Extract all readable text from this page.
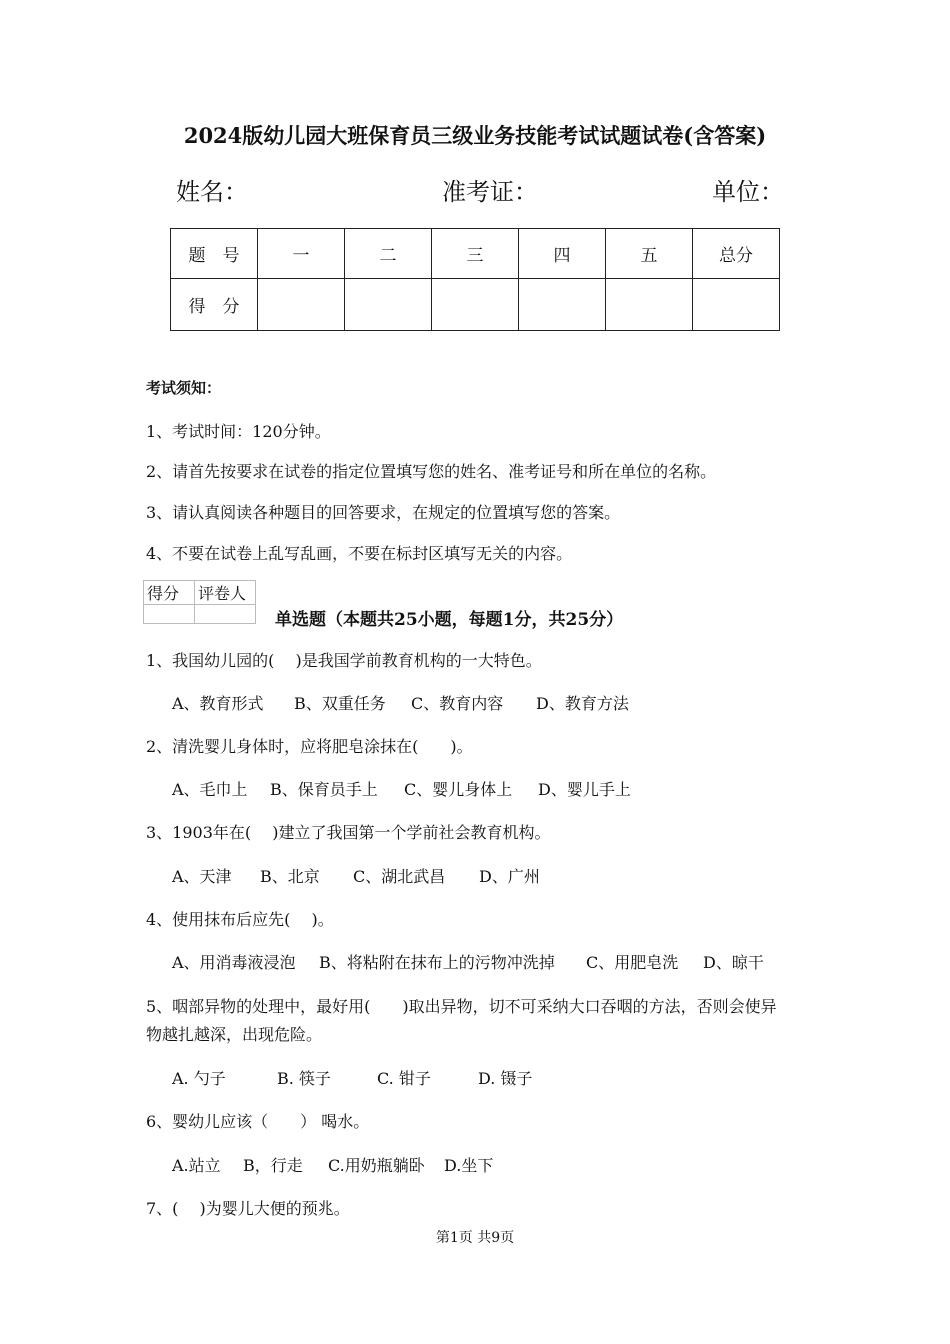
2024版幼儿园大班保育员三级业务技能考试试题试卷(含答案)
姓名：	准考证：	单位：
题　号	一	二	三	四	五	总分
得　分						
考试须知：
1、考试时间：120分钟。
2、请首先按要求在试卷的指定位置填写您的姓名、准考证号和所在单位的名称。
3、请认真阅读各种题目的回答要求，在规定的位置填写您的答案。
4、不要在试卷上乱写乱画，不要在标封区填写无关的内容。
得分	评卷人

单选题（本题共25小题，每题1分，共25分）
1、我国幼儿园的(　 )是我国学前教育机构的一大特色。
A、教育形式 B、双重任务 C、教育内容 D、教育方法
2、清洗婴儿身体时，应将肥皂涂抹在(　　)。
A、毛巾上 B、保育员手上 C、婴儿身体上 D、婴儿手上
3、1903年在(　 )建立了我国第一个学前社会教育机构。
A、天津 B、北京 C、湖北武昌 D、广州
4、使用抹布后应先(　 )。
A、用消毒液浸泡 B、将粘附在抹布上的污物冲洗掉 C、用肥皂洗 D、晾干
5、咽部异物的处理中，最好用(　　)取出异物，切不可采纳大口吞咽的方法，否则会使异
物越扎越深，出现危险。
A. 勺子	B. 筷子	C. 钳子	D. 镊子
6、婴幼儿应该（　　） 喝水。
A.站立 B，行走 C.用奶瓶躺卧 D.坐下
7、(　 )为婴儿大便的预兆。
第1页 共9页
